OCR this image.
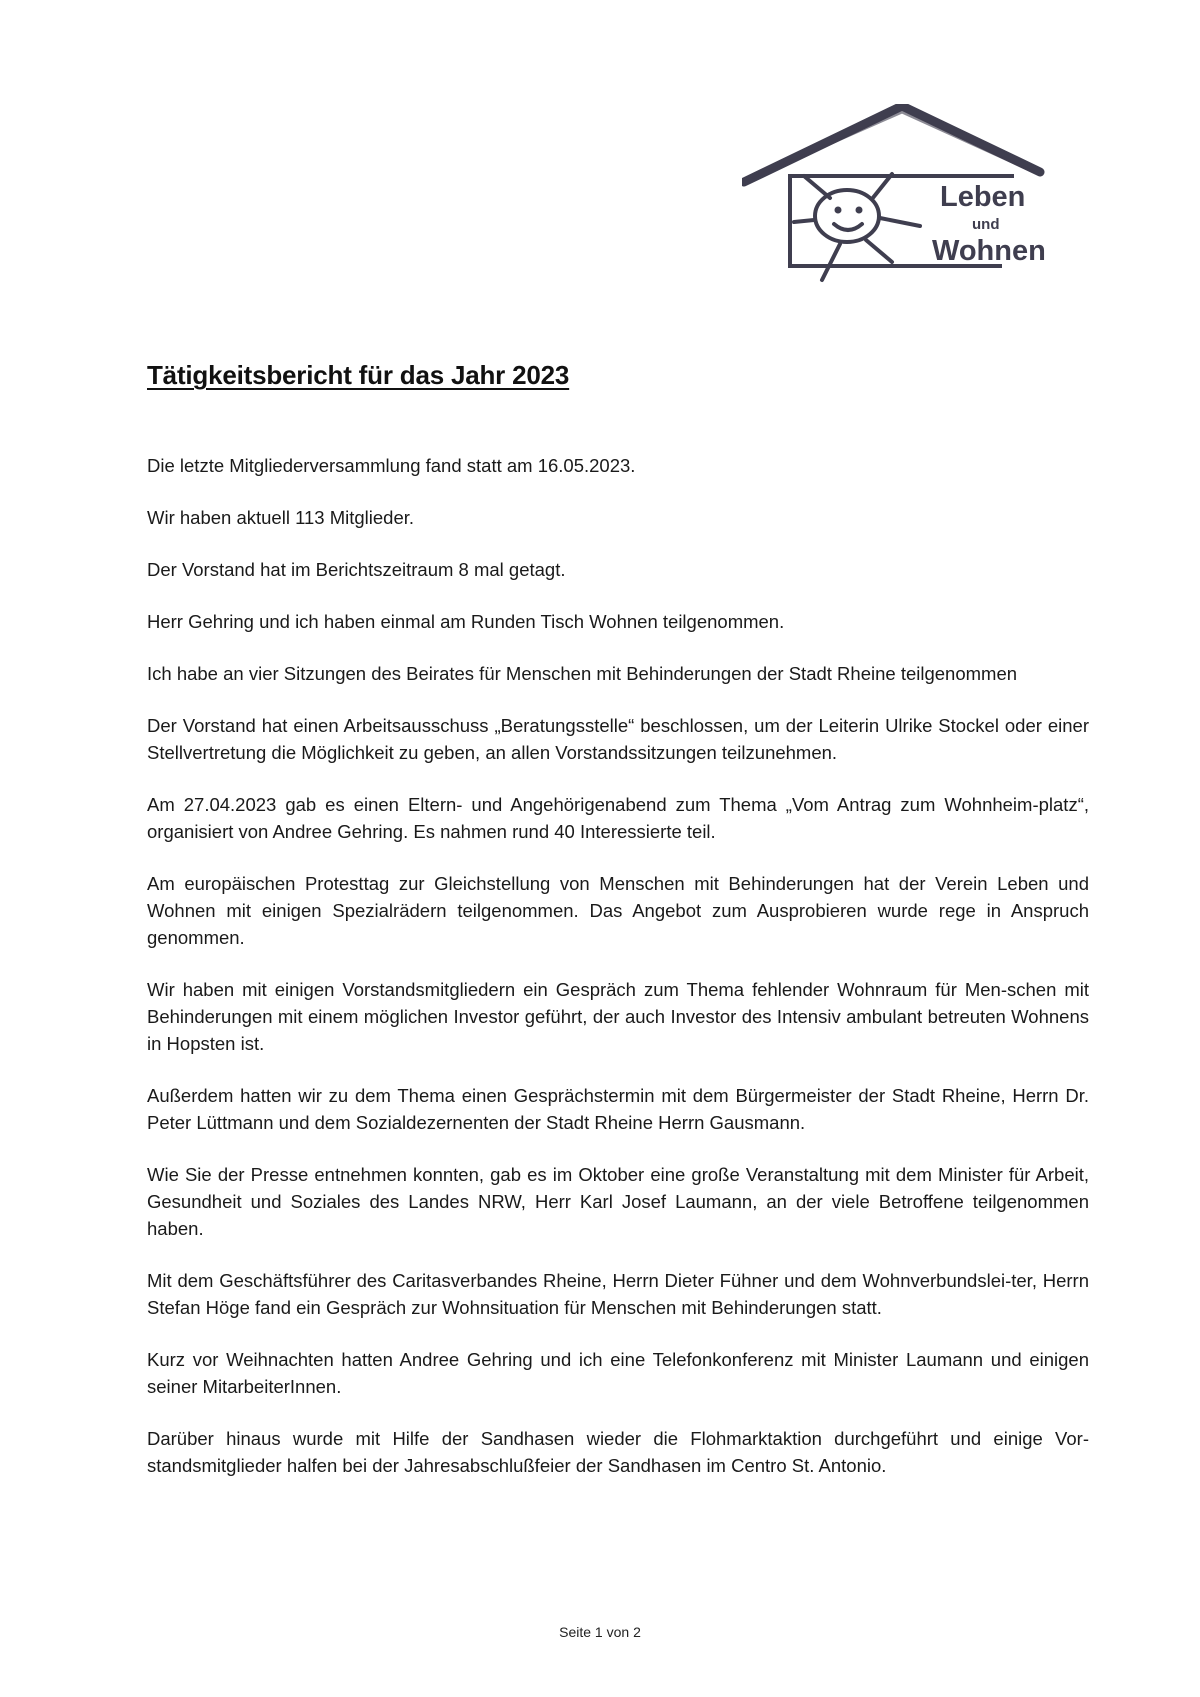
Leben
und
Wohnen
Tätigkeitsbericht für das Jahr 2023

Die letzte Mitgliederversammlung fand statt am 16.05.2023.

Wir haben aktuell 113 Mitglieder.

Der Vorstand hat im Berichtszeitraum 8 mal getagt.

Herr Gehring und ich haben einmal am Runden Tisch Wohnen teilgenommen.

Ich habe an vier Sitzungen des Beirates für Menschen mit Behinderungen der Stadt Rheine teilgenommen

Der Vorstand hat einen Arbeitsausschuss „Beratungsstelle“ beschlossen, um der Leiterin Ulrike Stockel oder einer Stellvertretung die Möglichkeit zu geben, an allen Vorstandssitzungen teilzunehmen.

Am 27.04.2023 gab es einen Eltern- und Angehörigenabend zum Thema „Vom Antrag zum Wohnheim-platz“, organisiert von Andree Gehring. Es nahmen rund 40 Interessierte teil.

Am europäischen Protesttag zur Gleichstellung von Menschen mit Behinderungen hat der Verein Leben und Wohnen mit einigen Spezialrädern teilgenommen. Das Angebot zum Ausprobieren wurde rege in Anspruch genommen.

Wir haben mit einigen Vorstandsmitgliedern ein Gespräch zum Thema fehlender Wohnraum für Men-schen mit Behinderungen mit einem möglichen Investor geführt, der auch Investor des Intensiv ambulant betreuten Wohnens in Hopsten ist.

Außerdem hatten wir zu dem Thema einen Gesprächstermin mit dem Bürgermeister der Stadt Rheine, Herrn Dr. Peter Lüttmann und dem Sozialdezernenten der Stadt Rheine Herrn Gausmann.

Wie Sie der Presse entnehmen konnten, gab es im Oktober eine große Veranstaltung mit dem Minister für Arbeit, Gesundheit und Soziales des Landes NRW, Herr Karl Josef Laumann, an der viele Betroffene teilgenommen haben.

Mit dem Geschäftsführer des Caritasverbandes Rheine, Herrn Dieter Fühner und dem Wohnverbundslei-ter, Herrn Stefan Höge fand ein Gespräch zur Wohnsituation für Menschen mit Behinderungen statt.

Kurz vor Weihnachten hatten Andree Gehring und ich eine Telefonkonferenz mit Minister Laumann und einigen seiner MitarbeiterInnen.

Darüber hinaus wurde mit Hilfe der Sandhasen wieder die Flohmarktaktion durchgeführt und einige Vor-standsmitglieder halfen bei der Jahresabschlußfeier der Sandhasen im Centro St. Antonio.

Seite 1 von 2
